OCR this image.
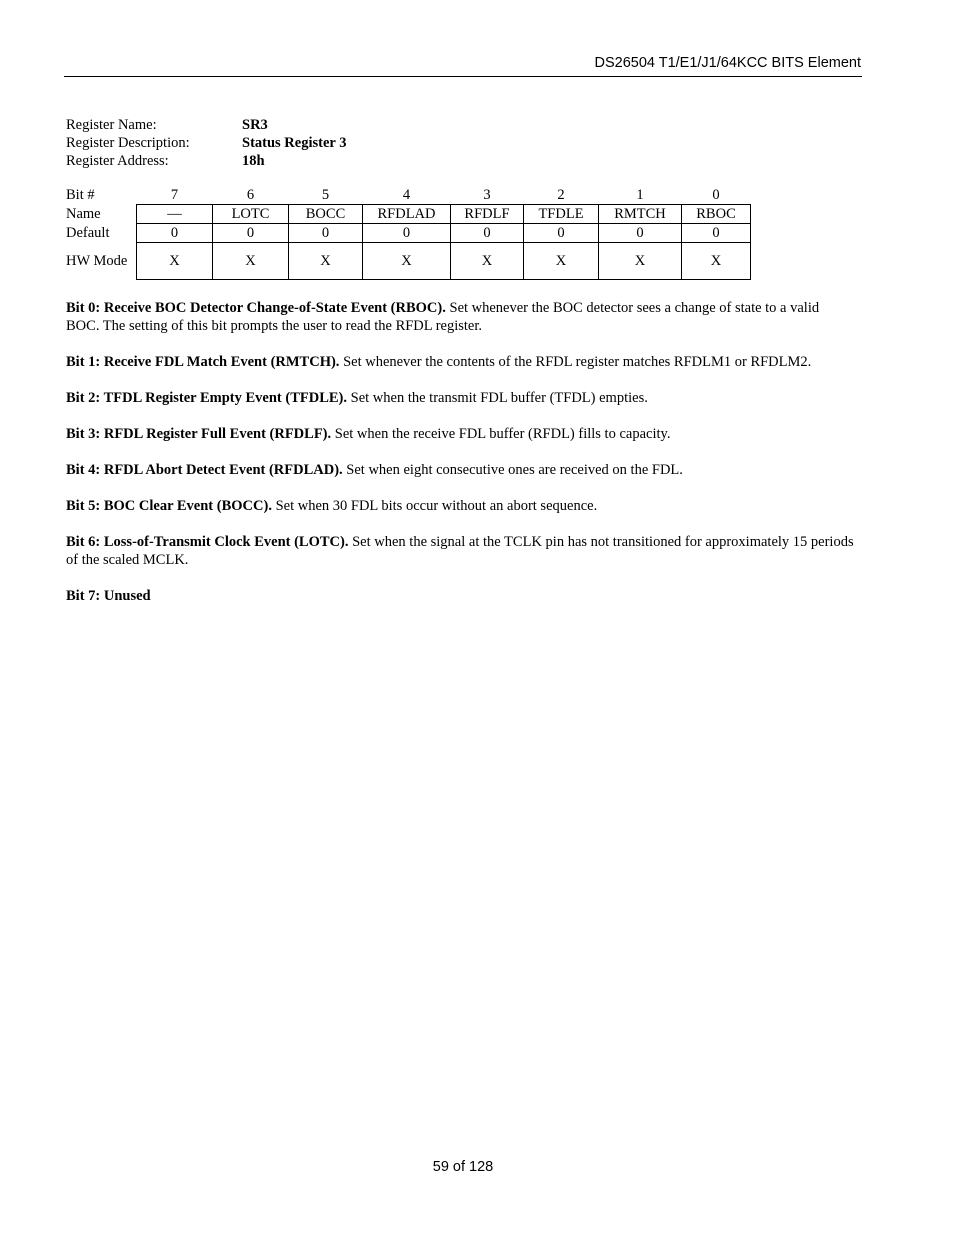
DS26504 T1/E1/J1/64KCC BITS Element
Register Name:	SR3
Register Description:	Status Register 3
Register Address:	18h
Bit #	7	6	5	4	3	2	1	0
Name	—	LOTC	BOCC	RFDLAD	RFDLF	TFDLE	RMTCH	RBOC
Default	0	0	0	0	0	0	0	0
HW Mode	X	X	X	X	X	X	X	X

Bit 0: Receive BOC Detector Change-of-State Event (RBOC). Set whenever the BOC detector sees a change of state to a valid BOC. The setting of this bit prompts the user to read the RFDL register.

Bit 1: Receive FDL Match Event (RMTCH). Set whenever the contents of the RFDL register matches RFDLM1 or RFDLM2.

Bit 2: TFDL Register Empty Event (TFDLE). Set when the transmit FDL buffer (TFDL) empties.

Bit 3: RFDL Register Full Event (RFDLF). Set when the receive FDL buffer (RFDL) fills to capacity.

Bit 4: RFDL Abort Detect Event (RFDLAD). Set when eight consecutive ones are received on the FDL.

Bit 5: BOC Clear Event (BOCC). Set when 30 FDL bits occur without an abort sequence.

Bit 6: Loss-of-Transmit Clock Event (LOTC). Set when the signal at the TCLK pin has not transitioned for approximately 15 periods of the scaled MCLK.

Bit 7: Unused

59 of 128
